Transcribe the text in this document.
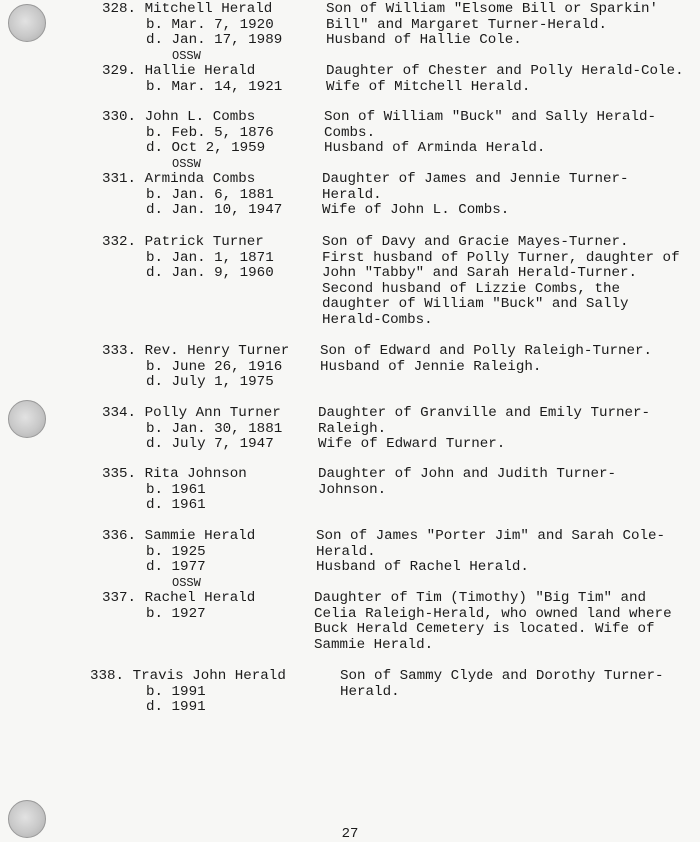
328. Mitchell Herald
b. Mar. 7, 1920
d. Jan. 17, 1989
OSSW
Son of William "Elsome Bill or Sparkin'
Bill" and Margaret Turner-Herald.
Husband of Hallie Cole.
329. Hallie Herald
b. Mar. 14, 1921
Daughter of Chester and Polly Herald-Cole.
Wife of Mitchell Herald.
330. John L. Combs
b. Feb. 5, 1876
d. Oct 2, 1959
OSSW
Son of William "Buck" and Sally Herald-
Combs.
Husband of Arminda Herald.
331. Arminda Combs
b. Jan. 6, 1881
d. Jan. 10, 1947
Daughter of James and Jennie Turner-
Herald.
Wife of John L. Combs.
332. Patrick Turner
b. Jan. 1, 1871
d. Jan. 9, 1960
Son of Davy and Gracie Mayes-Turner.
First husband of Polly Turner, daughter of
John "Tabby" and Sarah Herald-Turner.
Second husband of Lizzie Combs, the
daughter of William "Buck" and Sally
Herald-Combs.
333. Rev. Henry Turner
b. June 26, 1916
d. July 1, 1975
Son of Edward and Polly Raleigh-Turner.
Husband of Jennie Raleigh.
334. Polly Ann Turner
b. Jan. 30, 1881
d. July 7, 1947
Daughter of Granville and Emily Turner-
Raleigh.
Wife of Edward Turner.
335. Rita Johnson
b. 1961
d. 1961
Daughter of John and Judith Turner-
Johnson.
336. Sammie Herald
b. 1925
d. 1977
OSSW
Son of James "Porter Jim" and Sarah Cole-
Herald.
Husband of Rachel Herald.
337. Rachel Herald
b. 1927
Daughter of Tim (Timothy) "Big Tim" and
Celia Raleigh-Herald, who owned land where
Buck Herald Cemetery is located. Wife of
Sammie Herald.
338. Travis John Herald
b. 1991
d. 1991
Son of Sammy Clyde and Dorothy Turner-
Herald.
27
